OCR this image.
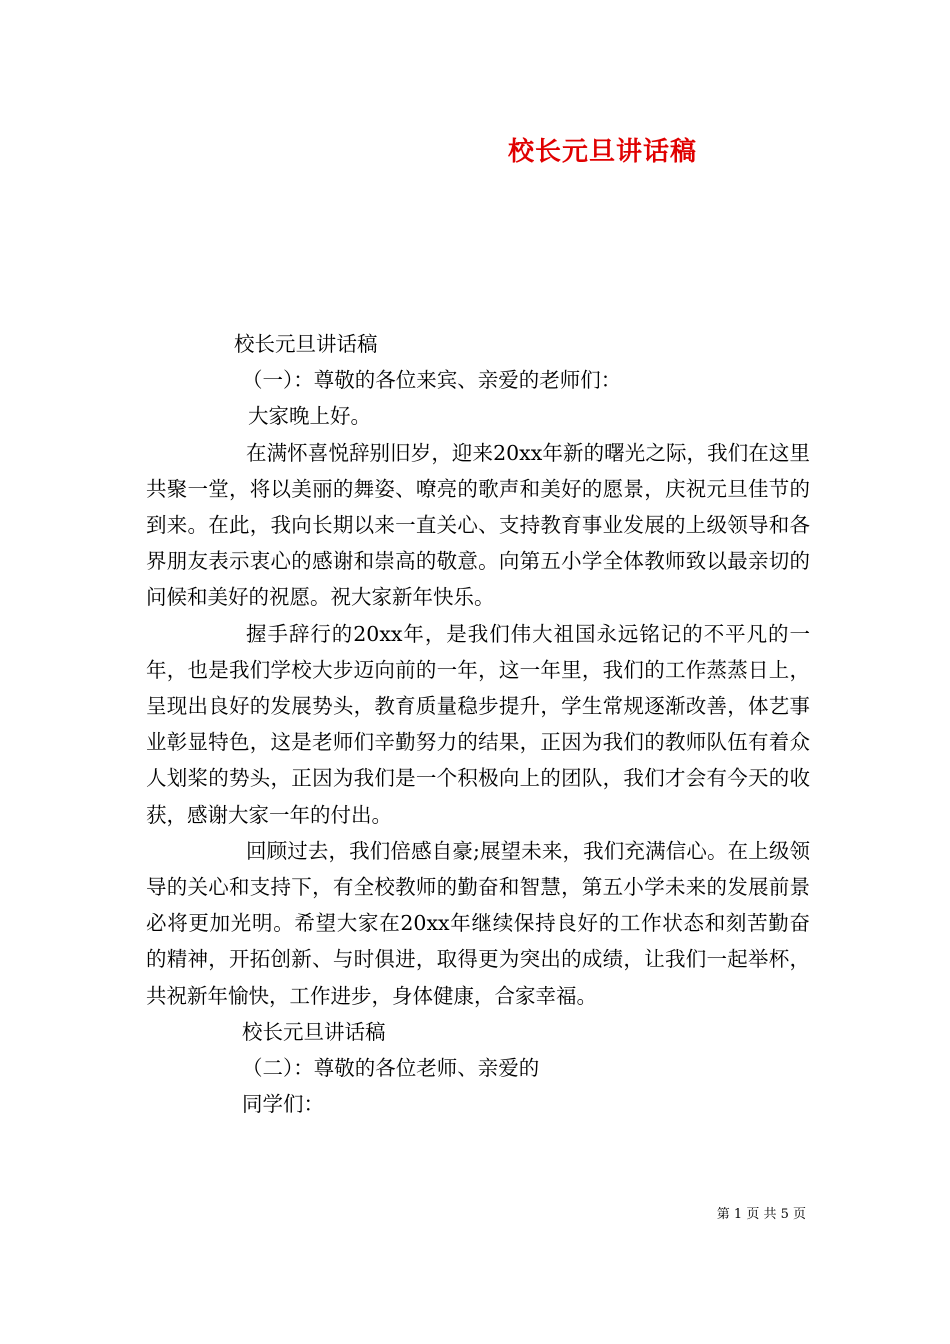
校长元旦讲话稿

校长元旦讲话稿

（一）：尊敬的各位来宾、亲爱的老师们：

大家晚上好。

在满怀喜悦辞别旧岁，迎来20xx年新的曙光之际，我们在这里共聚一堂，将以美丽的舞姿、嘹亮的歌声和美好的愿景，庆祝元旦佳节的到来。在此，我向长期以来一直关心、支持教育事业发展的上级领导和各界朋友表示衷心的感谢和崇高的敬意。向第五小学全体教师致以最亲切的问候和美好的祝愿。祝大家新年快乐。

握手辞行的20xx年，是我们伟大祖国永远铭记的不平凡的一年，也是我们学校大步迈向前的一年，这一年里，我们的工作蒸蒸日上，呈现出良好的发展势头，教育质量稳步提升，学生常规逐渐改善，体艺事业彰显特色，这是老师们辛勤努力的结果，正因为我们的教师队伍有着众人划桨的势头，正因为我们是一个积极向上的团队，我们才会有今天的收获，感谢大家一年的付出。

回顾过去，我们倍感自豪;展望未来，我们充满信心。在上级领导的关心和支持下，有全校教师的勤奋和智慧，第五小学未来的发展前景必将更加光明。希望大家在20xx年继续保持良好的工作状态和刻苦勤奋的精神，开拓创新、与时俱进，取得更为突出的成绩，让我们一起举杯，共祝新年愉快，工作进步，身体健康，合家幸福。

校长元旦讲话稿

（二）：尊敬的各位老师、亲爱的

同学们：

第 1 页 共 5 页
